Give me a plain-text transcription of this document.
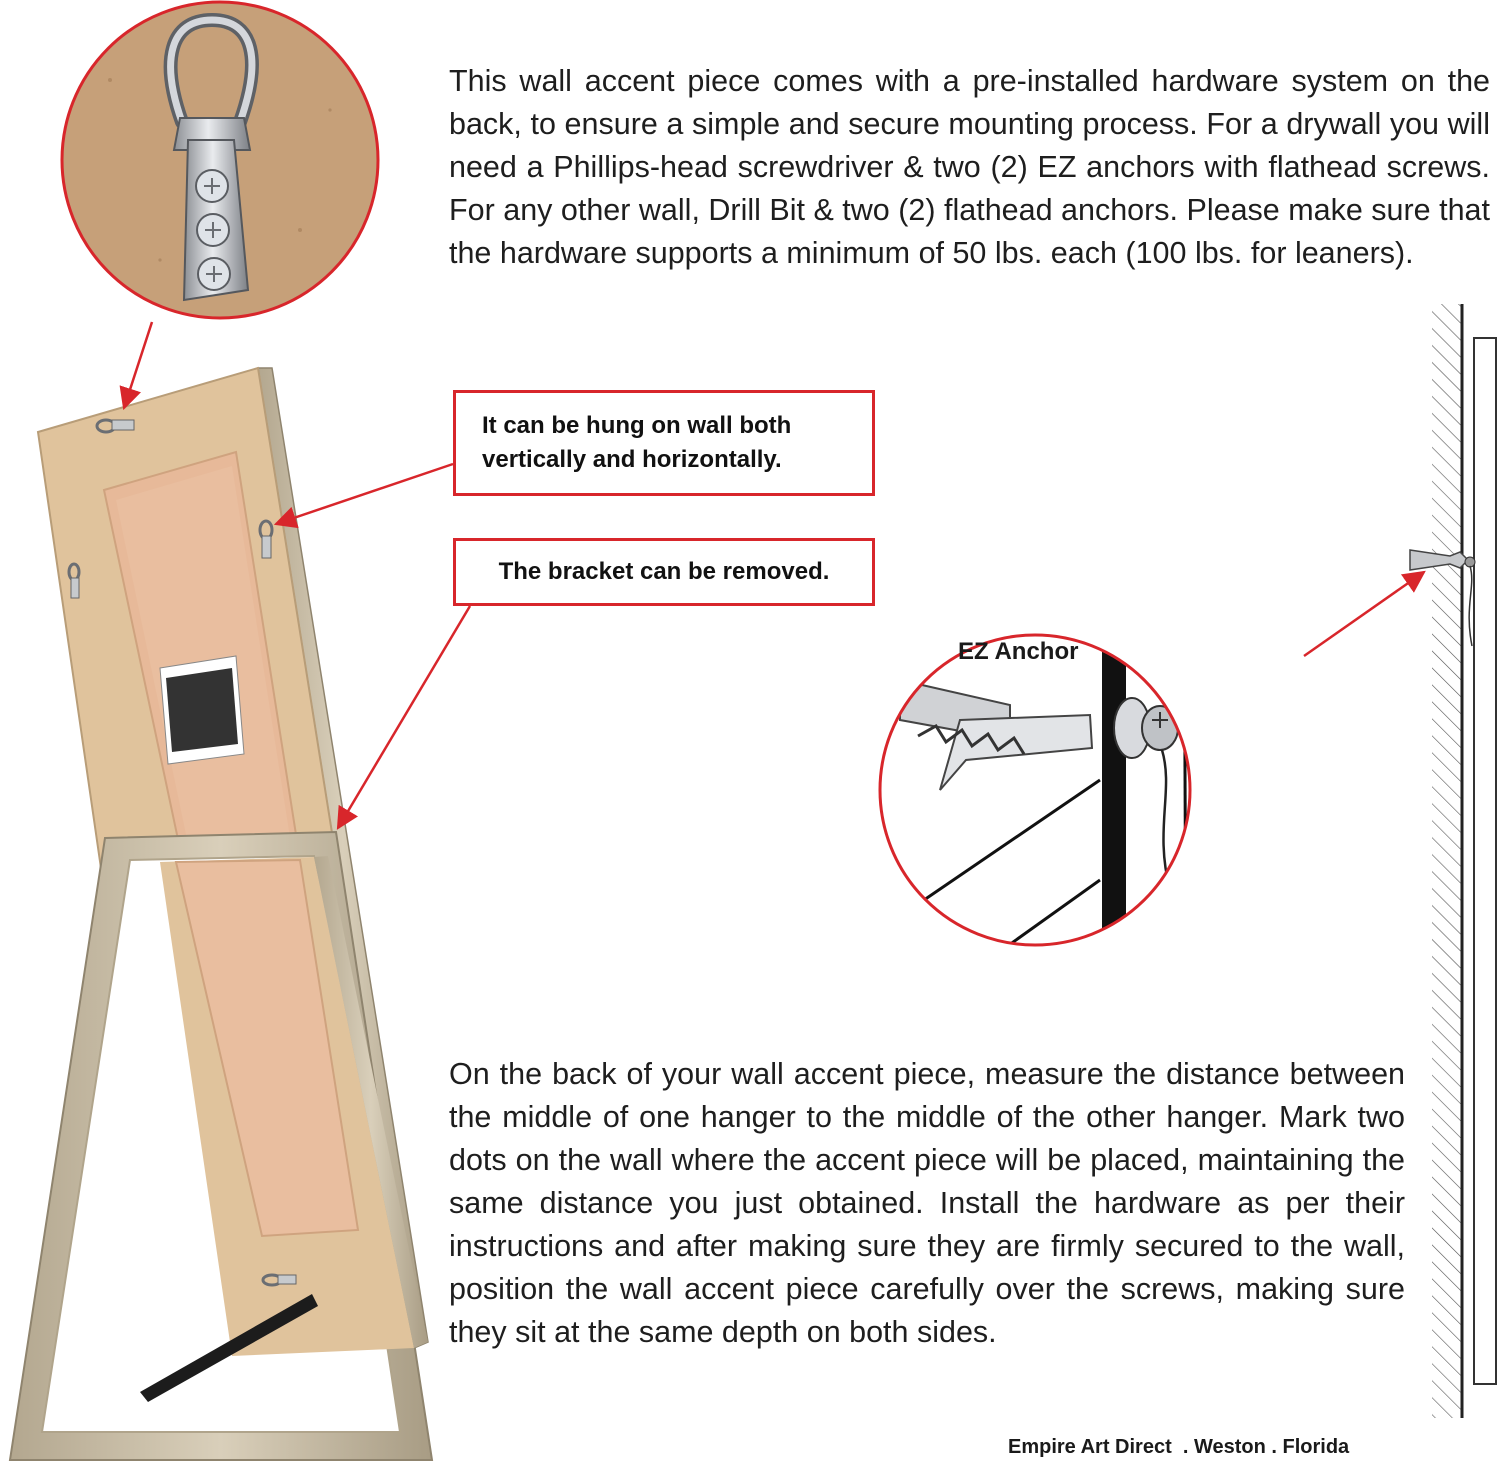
This wall accent piece comes with a pre-installed hardware system on the back, to ensure a simple and secure mounting process. For a drywall you will need a Phillips-head screwdriver & two (2) EZ anchors with flathead screws. For any other wall, Drill Bit & two (2) flathead anchors. Please make sure that the hardware supports a minimum of 50 lbs. each (100 lbs. for leaners).

It can be hung on wall both vertically and horizontally.
The bracket can be removed.
EZ Anchor

On the back of your wall accent piece, measure the distance between the middle of one hanger to the middle of the other hanger. Mark two dots on the wall where the accent piece will be placed, maintaining the same distance you just obtained. Install the hardware as per their instructions and after making sure they are firmly secured to the wall, position the wall accent piece carefully over the screws, making sure they sit at the same depth on both sides.

Empire Art Direct  . Weston . Florida
